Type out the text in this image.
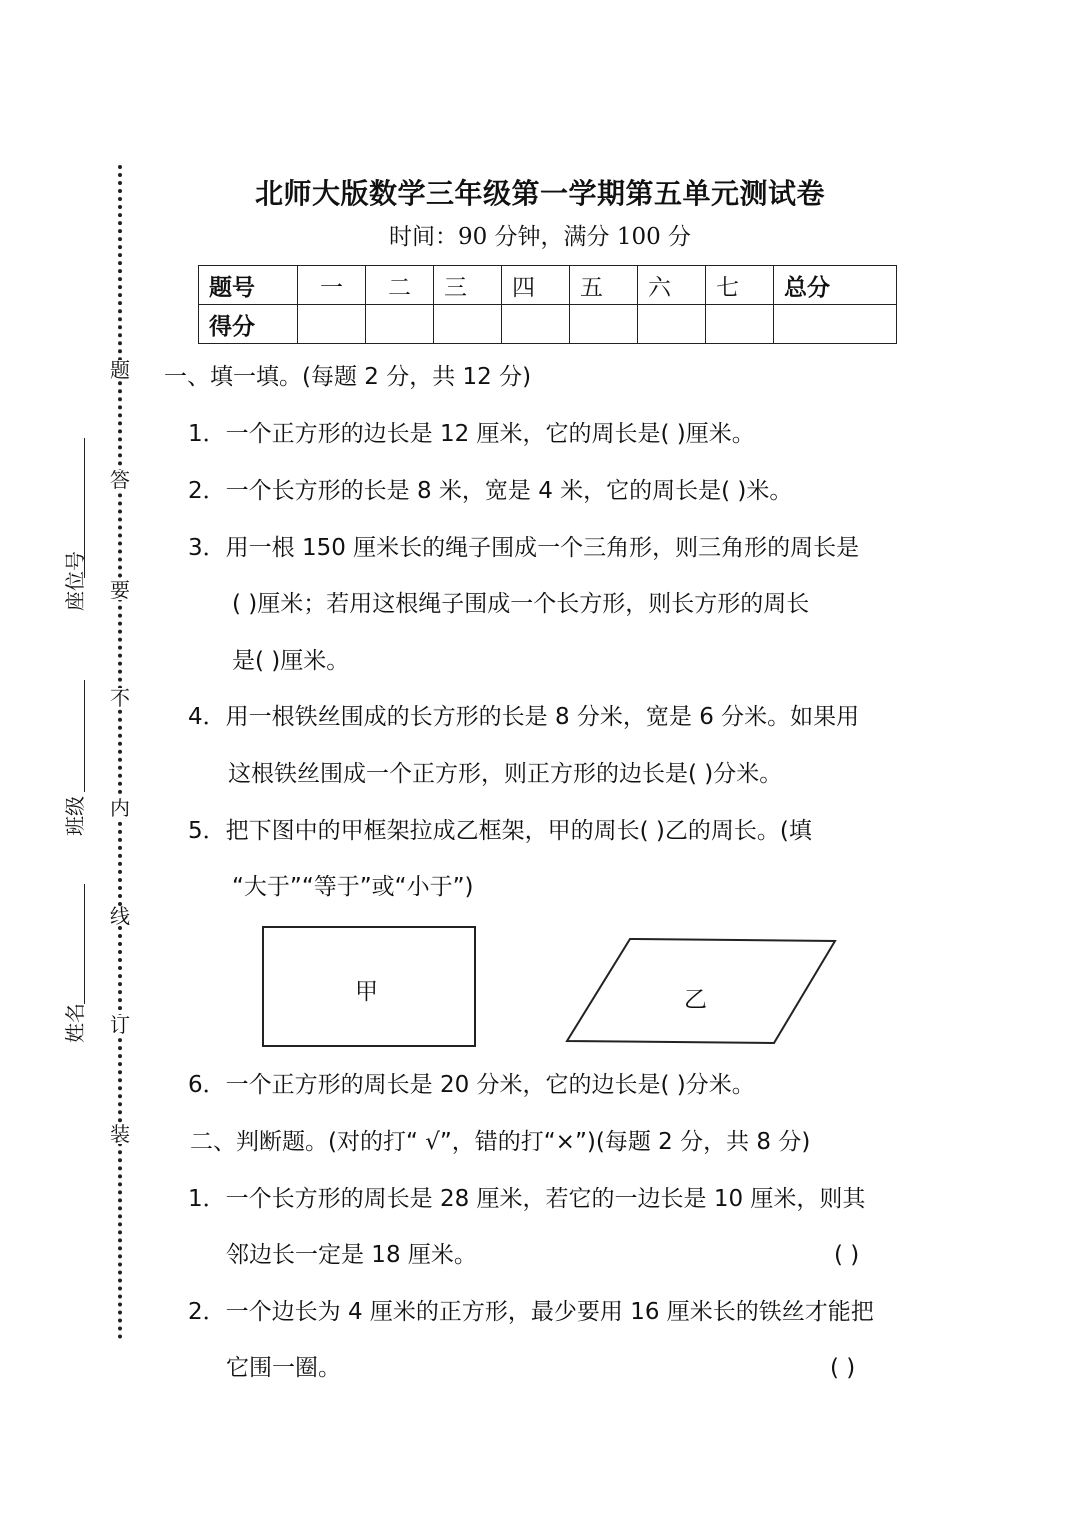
题
答
要
不
内
线
订
装
座位号
班级
姓名
北师大版数学三年级第一学期第五单元测试卷
时间：90 分钟，满分 100 分
题号	一	二	三	四	五	六	七	总分
得分								
一、填一填。(每题 2 分，共 12 分)
1．一个正方形的边长是 12 厘米，它的周长是( )厘米。
2．一个长方形的长是 8 米，宽是 4 米，它的周长是( )米。
3．用一根 150 厘米长的绳子围成一个三角形，则三角形的周长是
( )厘米；若用这根绳子围成一个长方形，则长方形的周长
是( )厘米。
4．用一根铁丝围成的长方形的长是 8 分米，宽是 6 分米。如果用
这根铁丝围成一个正方形，则正方形的边长是( )分米。
5．把下图中的甲框架拉成乙框架，甲的周长( )乙的周长。(填
“大于”“等于”或“小于”)
甲	乙
6．一个正方形的周长是 20 分米，它的边长是( )分米。
二、判断题。(对的打“ √”，错的打“×”)(每题 2 分，共 8 分)
1．一个长方形的周长是 28 厘米，若它的一边长是 10 厘米，则其
邻边长一定是 18 厘米。	( )
2．一个边长为 4 厘米的正方形，最少要用 16 厘米长的铁丝才能把
它围一圈。	( )
